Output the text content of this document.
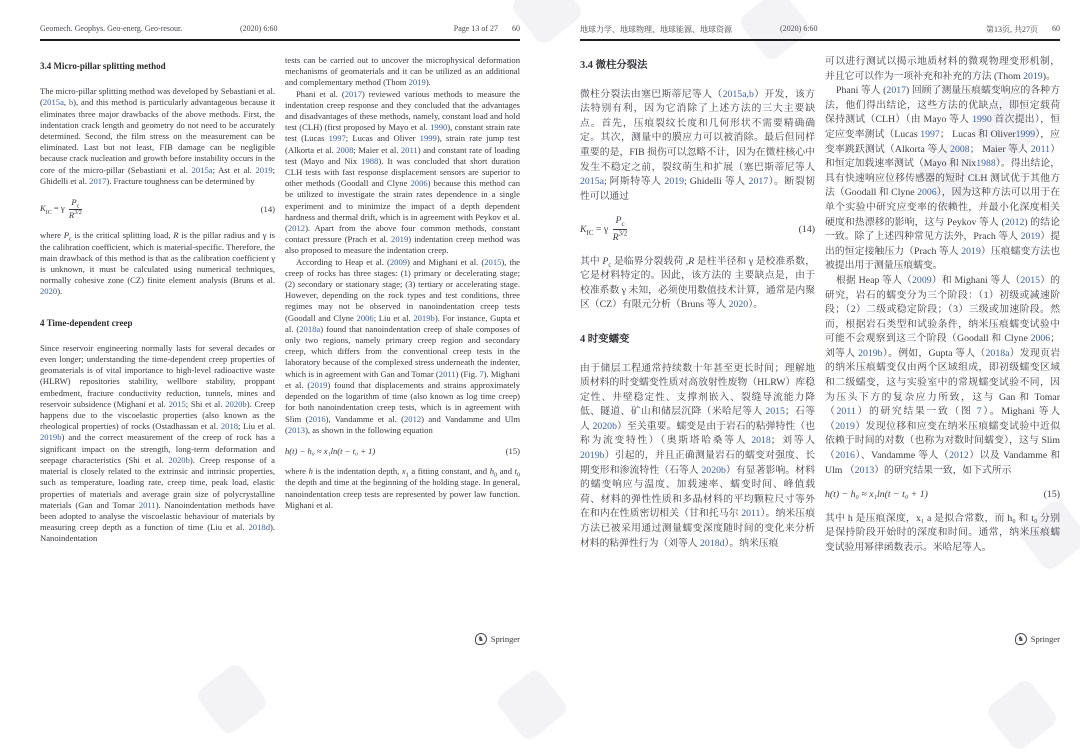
Geomech. Geophys. Geo-energ. Geo-resour.	(2020) 6:60	Page 13 of 27 60
3.4 Micro-pillar splitting method

The micro-pillar splitting method was developed by Sebastiani et al. (2015a, b), and this method is particularly advantageous because it eliminates three major drawbacks of the above methods. First, the indentation crack length and geometry do not need to be accurately determined. Second, the film stress on the measurement can be eliminated. Last but not least, FIB damage can be negligible because crack nucleation and growth before instability occurs in the core of the micro-pillar (Sebastiani et al. 2015a; Ast et al. 2019; Ghidelli et al. 2017). Fracture toughness can be determined by

$K_{IC} = \gamma \frac{P_c}{R^{3/2}}$	(14)

where $P_c$ is the critical splitting load, R is the pillar radius and γ is the calibration coefficient, which is material-specific. Therefore, the main drawback of this method is that as the calibration coefficient γ is unknown, it must be calculated using numerical techniques, normally cohesive zone (CZ) finite element analysis (Bruns et al. 2020).

4 Time-dependent creep

Since reservoir engineering normally lasts for several decades or even longer; understanding the time-dependent creep properties of geomaterials is of vital importance to high-level radioactive waste (HLRW) repositories stability, wellbore stability, proppant embedment, fracture conductivity reduction, tunnels, mines and reservoir subsidence (Mighani et al. 2015; Shi et al. 2020b). Creep happens due to the viscoelastic properties (also known as the rheological properties) of rocks (Ostadhassan et al. 2018; Liu et al. 2019b) and the correct measurement of the creep of rock has a significant impact on the strength, long-term deformation and seepage characteristics (Shi et al. 2020b). Creep response of a material is closely related to the extrinsic and intrinsic properties, such as temperature, loading rate, creep time, peak load, elastic properties of materials and average grain size of polycrystalline materials (Gan and Tomar 2011). Nanoindentation methods have been adopted to analyse the viscoelastic behaviour of materials by measuring creep depth as a function of time (Liu et al. 2018d). Nanoindentation

tests can be carried out to uncover the microphysical deformation mechanisms of geomaterials and it can be utilized as an additional and complementary method (Thom 2019).

Phani et al. (2017) reviewed various methods to measure the indentation creep response and they concluded that the advantages and disadvantages of these methods, namely, constant load and hold test (CLH) (first proposed by Mayo et al. 1990), constant strain rate test (Lucas 1997; Lucas and Oliver 1999), strain rate jump test (Alkorta et al. 2008; Maier et al. 2011) and constant rate of loading test (Mayo and Nix 1988). It was concluded that short duration CLH tests with fast response displacement sensors are superior to other methods (Goodall and Clyne 2006) because this method can be utilized to investigate the strain rates dependence in a single experiment and to minimize the impact of a depth dependent hardness and thermal drift, which is in agreement with Peykov et al. (2012). Apart from the above four common methods, constant contact pressure (Prach et al. 2019) indentation creep method was also proposed to measure the indentation creep.

According to Heap et al. (2009) and Mighani et al. (2015), the creep of rocks has three stages: (1) primary or decelerating stage; (2) secondary or stationary stage; (3) tertiary or accelerating stage. However, depending on the rock types and test conditions, three regimes may not be observed in nanoindentation creep tests (Goodall and Clyne 2006; Liu et al. 2019b). For instance, Gupta et al. (2018a) found that nanoindentation creep of shale composes of only two regions, namely primary creep region and secondary creep, which differs from the conventional creep tests in the laboratory because of the complexed stress underneath the indenter, which is in agreement with Gan and Tomar (2011) (Fig. 7). Mighani et al. (2019) found that displacements and strains approximately depended on the logarithm of time (also known as log time creep) for both nanoindentation creep tests, which is in agreement with Slim (2016), Vandamme et al. (2012) and Vandamme and Ulm (2013), as shown in the following equation

h(t) − h₀ ≈ x₁ln(t − t₀ + 1)	(15)

where h is the indentation depth, $x_1$ a fitting constant, and $h_0$ and $t_0$ the depth and time at the beginning of the holding stage. In general, nanoindentation creep tests are represented by power law function. Mighani et al.

♞ Springer
地球力学、地球物理、地球能源、地球资源	(2020) 6:60	第13页, 共27页 60
3.4 微柱分裂法

微柱分裂法由塞巴斯蒂尼等人（2015a,b）开发，该方法特别有利，因为它消除了上述方法的三大主要缺点。首先，压痕裂纹长度和几何形状不需要精确确定。其次，测量中的膜应力可以被消除。最后但同样重要的是，FIB 损伤可以忽略不计，因为在微柱核心中发生不稳定之前，裂纹萌生和扩展（塞巴斯蒂尼等人 2015a; 阿斯特等人 2019; Ghidelli 等人 2017）。断裂韧性可以通过

$K_{IC} = \gamma \frac{P_c}{R^{3/2}}$	(14)

其中 $P_c$ 是临界分裂载荷 ,R 是柱半径和 γ 是校准系数，它是材料特定的。因此，该方法的 主要缺点是，由于校准系数 γ 未知，必须使用数值技术计算，通常是内聚区（CZ）有限元分析（Bruns 等人 2020）。

4 时变蠕变

由于储层工程通常持续数十年甚至更长时间；理解地质材料的时变蠕变性质对高放射性废物（HLRW）库稳定性、井壁稳定性、支撑剂嵌入、裂缝导流能力降低、隧道、矿山和储层沉降（米哈尼等人 2015；石等人 2020b）至关重要。蠕变是由于岩石的粘弹特性（也称为流变特性）（奥斯塔哈桑等人 2018；刘等人 2019b）引起的，并且正确测量岩石的蠕变对强度、长期变形和渗流特性（石等人 2020b）有显著影响。材料的蠕变响应与温度、加载速率、蠕变时间、峰值载荷、材料的弹性性质和多晶材料的平均颗粒尺寸等外在和内在性质密切相关（甘和托马尔 2011）。纳米压痕方法已被采用通过测量蠕变深度随时间的变化来分析材料的粘弹性行为（刘等人 2018d）。纳米压痕

可以进行测试以揭示地质材料的微观物理变形机制，并且它可以作为一项补充和补充的方法 (Thom 2019)。

Phani 等人 (2017) 回顾了测量压痕蠕变响应的各种方法，他们得出结论，这些方法的优缺点，即恒定载荷保持测试（CLH）（由 Mayo 等人 1990 首次提出），恒定应变率测试（Lucas 1997； Lucas 和 Oliver1999），应变率跳跃测试（Alkorta 等人 2008； Maier 等人 2011）和恒定加载速率测试（Mayo 和 Nix1988）。得出结论，具有快速响应位移传感器的短时 CLH 测试优于其他方法（Goodall 和 Clyne 2006），因为这种方法可以用于在单个实验中研究应变率的依赖性，并最小化深度相关硬度和热漂移的影响，这与 Peykov 等人 (2012) 的结论一致。除了上述四种常见方法外，Prach 等人 2019）提出的恒定接触压力（Prach 等人 2019）压痕蠕变方法也被提出用于测量压痕蠕变。

根据 Heap 等人（2009）和 Mighani 等人（2015）的研究，岩石的蠕变分为三个阶段：（1）初级或减速阶段；（2）二级或稳定阶段；（3）三级或加速阶段。然而，根据岩石类型和试验条件，纳米压痕蠕变试验中可能不会观察到这三个阶段（Goodall 和 Clyne 2006；刘等人 2019b）。例如，Gupta 等人（2018a）发现页岩的纳米压痕蠕变仅由两个区域组成，即初级蠕变区域和二级蠕变，这与实验室中的常规蠕变试验不同，因为压头下方的复杂应力所致，这与 Gan 和 Tomar （2011）的研究结果一致（图 7）。Mighani 等人（2019）发现位移和应变在纳米压痕蠕变试验中近似依赖于时间的对数（也称为对数时间蠕变），这与 Slim （2016）、Vandamme 等人（2012）以及 Vandamme 和 Ulm （2013）的研究结果一致，如下式所示

h(t) − h₀ ≈ x₁ln(t − t₀ + 1)	(15)

其中 h 是压痕深度，x₁ a 是拟合常数，而 h₀ 和 t₀ 分别是保持阶段开始时的深度和时间。通常，纳米压痕蠕变试验用幂律函数表示。米哈尼等人。

♞ Springer
